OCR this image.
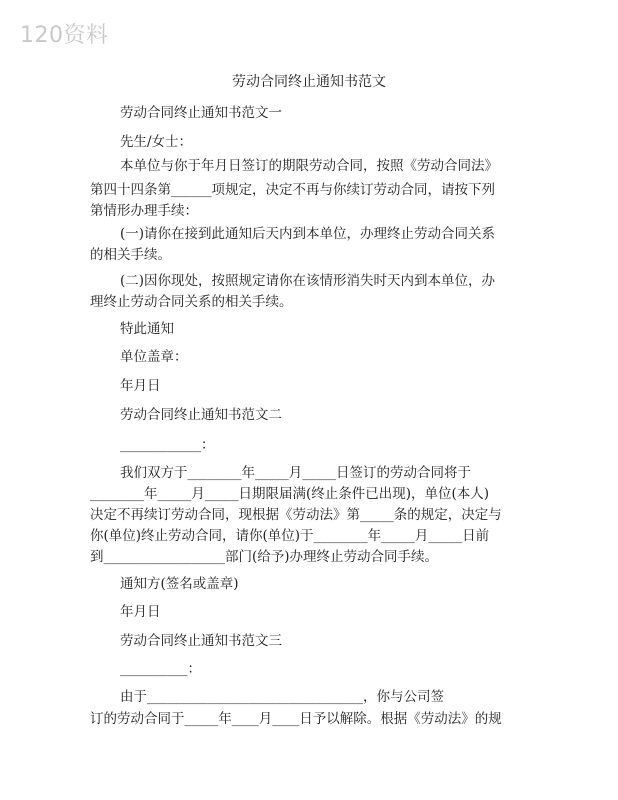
120资料
劳动合同终止通知书范文
劳动合同终止通知书范文一
先生/女士：
本单位与你于年月日签订的期限劳动合同，按照《劳动合同法》
第四十四条第______项规定，决定不再与你续订劳动合同，请按下列
第情形办理手续：
(一)请你在接到此通知后天内到本单位，办理终止劳动合同关系
的相关手续。
(二)因你现处，按照规定请你在该情形消失时天内到本单位，办
理终止劳动合同关系的相关手续。
特此通知
单位盖章：
年月日
劳动合同终止通知书范文二
____________：
我们双方于________年_____月_____日签订的劳动合同将于
________年_____月_____日期限届满(终止条件已出现)，单位(本人)
决定不再续订劳动合同，现根据《劳动法》第_____条的规定，决定与
你(单位)终止劳动合同，请你(单位)于________年_____月_____日前
到__________________部门(给予)办理终止劳动合同手续。
通知方(签名或盖章)
年月日
劳动合同终止通知书范文三
__________：
由于________________________________，你与公司签
订的劳动合同于_____年____月____日予以解除。根据《劳动法》的规
